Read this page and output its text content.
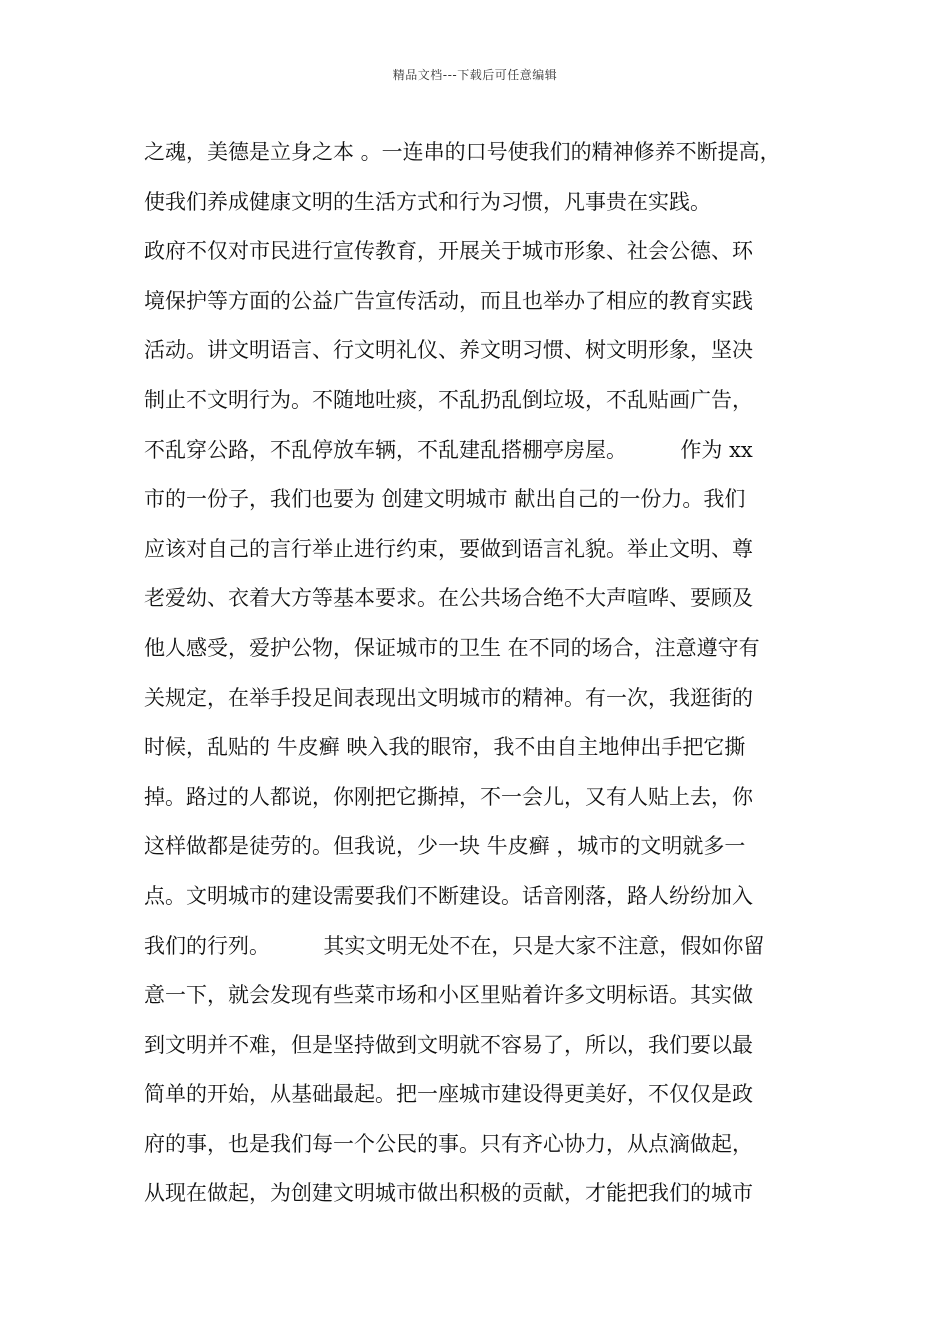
精品文档---下载后可任意编辑
之魂，美德是立身之本 。一连串的口号使我们的精神修养不断提高，
使我们养成健康文明的生活方式和行为习惯，凡事贵在实践。
政府不仅对市民进行宣传教育，开展关于城市形象、社会公德、环
境保护等方面的公益广告宣传活动，而且也举办了相应的教育实践
活动。讲文明语言、行文明礼仪、养文明习惯、树文明形象，坚决
制止不文明行为。不随地吐痰，不乱扔乱倒垃圾，不乱贴画广告，
不乱穿公路，不乱停放车辆，不乱建乱搭棚亭房屋。        作为 xx
市的一份子，我们也要为 创建文明城市 献出自己的一份力。我们
应该对自己的言行举止进行约束，要做到语言礼貌。举止文明、尊
老爱幼、衣着大方等基本要求。在公共场合绝不大声喧哗、要顾及
他人感受，爱护公物，保证城市的卫生 在不同的场合，注意遵守有
关规定，在举手投足间表现出文明城市的精神。有一次，我逛街的
时候，乱贴的 牛皮癣 映入我的眼帘，我不由自主地伸出手把它撕
掉。路过的人都说，你刚把它撕掉，不一会儿，又有人贴上去，你
这样做都是徒劳的。但我说，少一块 牛皮癣 ，城市的文明就多一
点。文明城市的建设需要我们不断建设。话音刚落，路人纷纷加入
我们的行列。        其实文明无处不在，只是大家不注意，假如你留
意一下，就会发现有些菜市场和小区里贴着许多文明标语。其实做
到文明并不难，但是坚持做到文明就不容易了，所以，我们要以最
简单的开始，从基础最起。把一座城市建设得更美好，不仅仅是政
府的事，也是我们每一个公民的事。只有齐心协力，从点滴做起，
从现在做起，为创建文明城市做出积极的贡献，才能把我们的城市
